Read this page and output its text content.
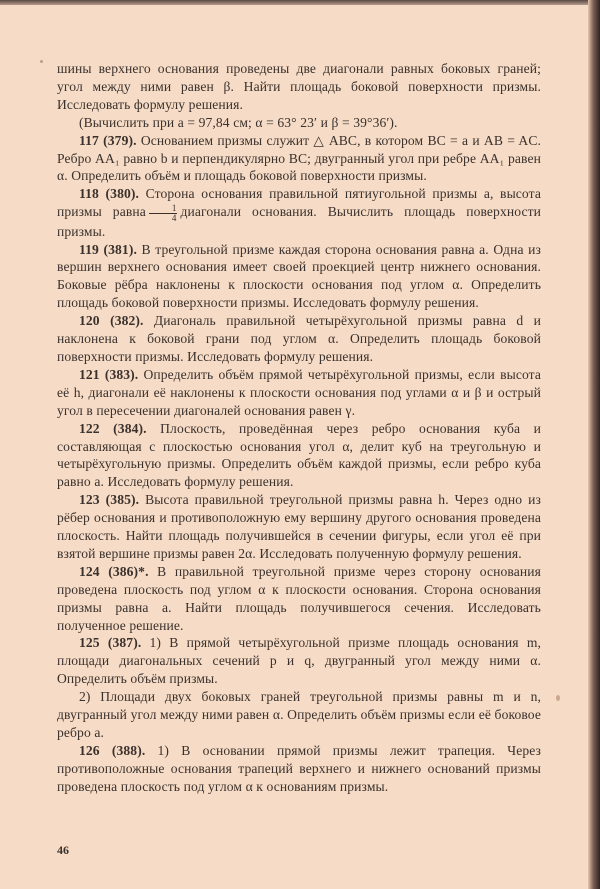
шины верхнего основания проведены две диагонали равных боковых граней; угол между ними равен β. Найти площадь боковой поверхности призмы. Исследовать формулу решения.

(Вычислить при a = 97,84 см; α = 63° 23′ и β = 39°36′).

117 (379). Основанием призмы служит △ ABC, в котором BC = a и AB = AC. Ребро AA₁ равно b и перпендикулярно BC; двугранный угол при ребре AA₁ равен α. Определить объём и площадь боковой поверхности призмы.

118 (380). Сторона основания правильной пятиугольной призмы a, высота призмы равна $\frac{1}{4}$ диагонали основания. Вычислить площадь поверхности призмы.

119 (381). В треугольной призме каждая сторона основания равна a. Одна из вершин верхнего основания имеет своей проекцией центр нижнего основания. Боковые рёбра наклонены к плоскости основания под углом α. Определить площадь боковой поверхности призмы. Исследовать формулу решения.

120 (382). Диагональ правильной четырёхугольной призмы равна d и наклонена к боковой грани под углом α. Определить площадь боковой поверхности призмы. Исследовать формулу решения.

121 (383). Определить объём прямой четырёхугольной призмы, если высота её h, диагонали её наклонены к плоскости основания под углами α и β и острый угол в пересечении диагоналей основания равен γ.

122 (384). Плоскость, проведённая через ребро основания куба и составляющая с плоскостью основания угол α, делит куб на треугольную и четырёхугольную призмы. Определить объём каждой призмы, если ребро куба равно a. Исследовать формулу решения.

123 (385). Высота правильной треугольной призмы равна h. Через одно из рёбер основания и противоположную ему вершину другого основания проведена плоскость. Найти площадь получившейся в сечении фигуры, если угол её при взятой вершине призмы равен 2α. Исследовать полученную формулу решения.

124 (386)*. В правильной треугольной призме через сторону основания проведена плоскость под углом α к плоскости основания. Сторона основания призмы равна a. Найти площадь получившегося сечения. Исследовать полученное решение.

125 (387). 1) В прямой четырёхугольной призме площадь основания m, площади диагональных сечений p и q, двугранный угол между ними α. Определить объём призмы.

2) Площади двух боковых граней треугольной призмы равны m и n, двугранный угол между ними равен α. Определить объём призмы если её боковое ребро a.

126 (388). 1) В основании прямой призмы лежит трапеция. Через противоположные основания трапеций верхнего и нижнего оснований призмы проведена плоскость под углом α к основаниям призмы.

46
